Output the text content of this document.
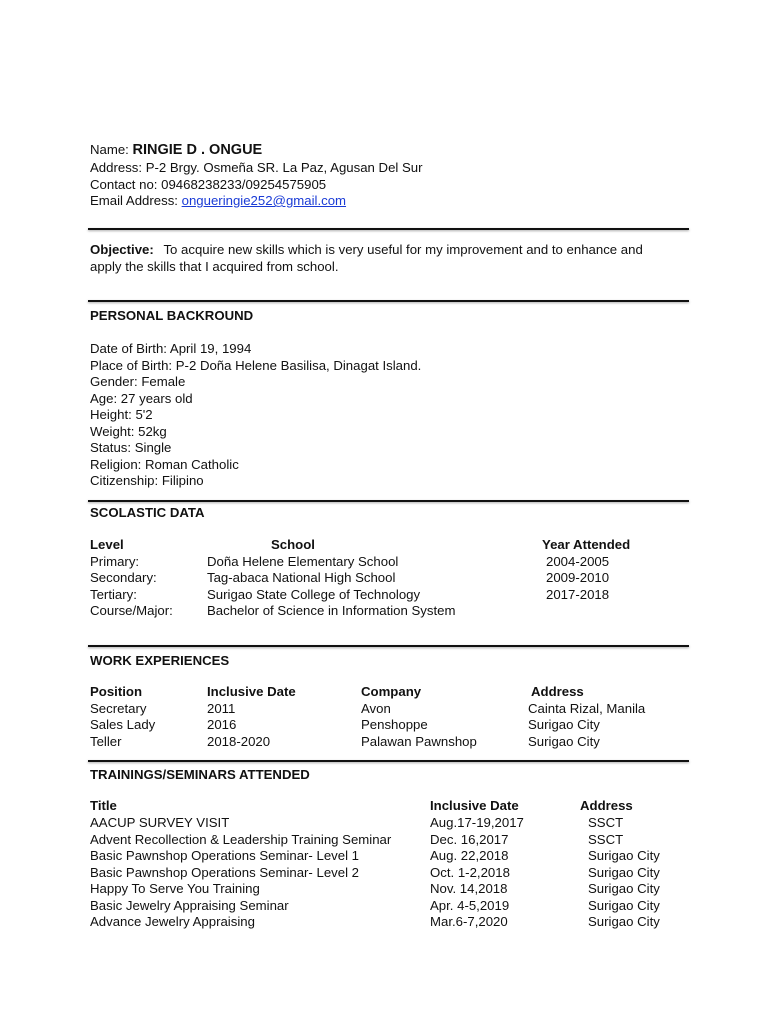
Name: RINGIE D . ONGUE
Address: P-2 Brgy. Osmeña SR. La Paz, Agusan Del Sur
Contact no: 09468238233/09254575905
Email Address: ongueringie252@gmail.com
Objective: To acquire new skills which is very useful for my improvement and to enhance and
apply the skills that I acquired from school.
PERSONAL BACKROUND
Date of Birth: April 19, 1994
Place of Birth: P-2 Doña Helene Basilisa, Dinagat Island.
Gender: Female
Age: 27 years old
Height: 5'2
Weight: 52kg
Status: Single
Religion: Roman Catholic
Citizenship: Filipino
SCOLASTIC DATA
Level	School	Year Attended
Primary:	Doña Helene Elementary School	2004-2005
Secondary:	Tag-abaca National High School	2009-2010
Tertiary:	Surigao State College of Technology	2017-2018
Course/Major:	Bachelor of Science in Information System
WORK EXPERIENCES
Position	Inclusive Date	Company	Address
Secretary	2011	Avon	Cainta Rizal, Manila
Sales Lady	2016	Penshoppe	Surigao City
Teller	2018-2020	Palawan Pawnshop	Surigao City
TRAININGS/SEMINARS ATTENDED
Title	Inclusive Date	Address
AACUP SURVEY VISIT	Aug.17-19,2017	SSCT
Advent Recollection & Leadership Training Seminar	Dec. 16,2017	SSCT
Basic Pawnshop Operations Seminar- Level 1	Aug. 22,2018	Surigao City
Basic Pawnshop Operations Seminar- Level 2	Oct. 1-2,2018	Surigao City
Happy To Serve You Training	Nov. 14,2018	Surigao City
Basic Jewelry Appraising Seminar	Apr. 4-5,2019	Surigao City
Advance Jewelry Appraising	Mar.6-7,2020	Surigao City
